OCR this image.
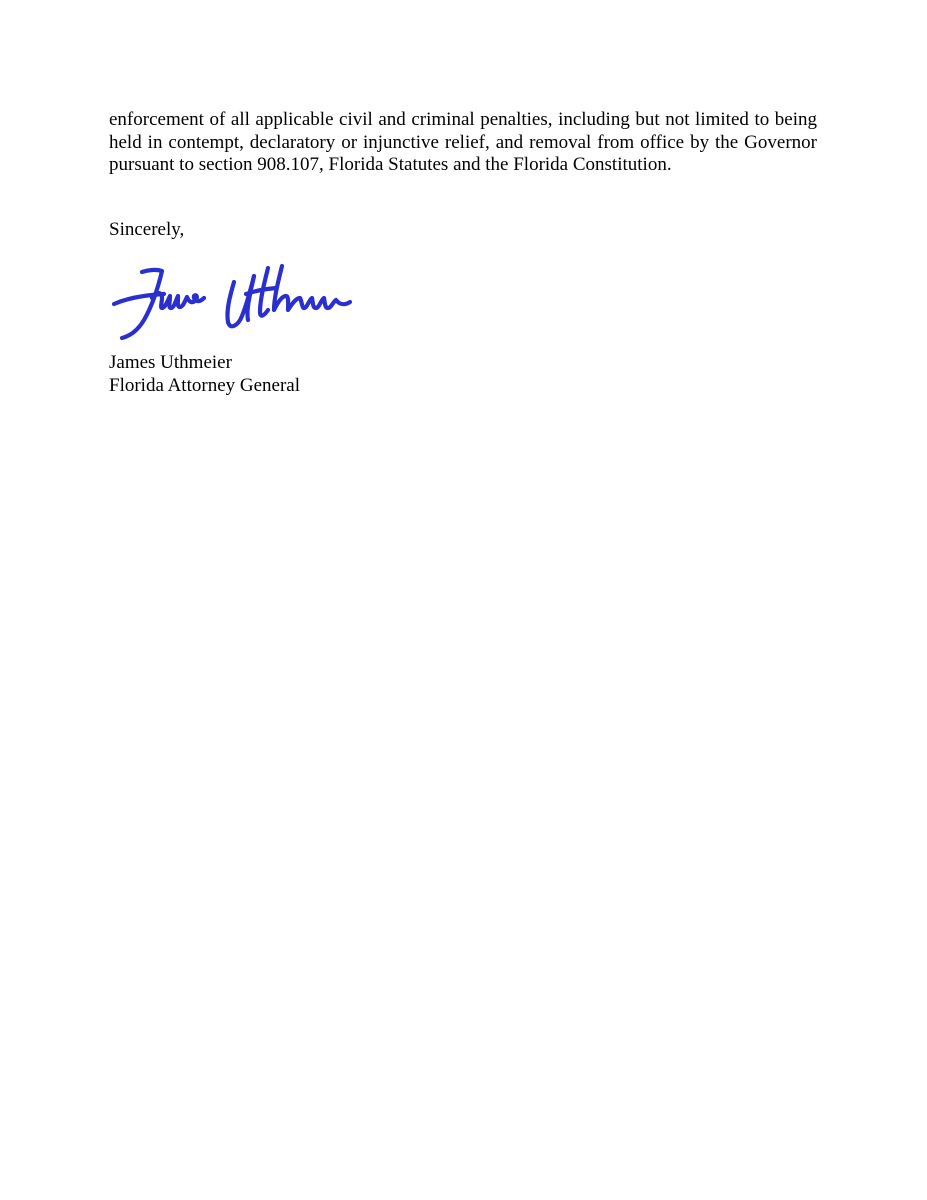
enforcement of all applicable civil and criminal penalties, including but not limited to being held in contempt, declaratory or injunctive relief, and removal from office by the Governor pursuant to section 908.107, Florida Statutes and the Florida Constitution.

Sincerely,

James Uthmeier
Florida Attorney General
